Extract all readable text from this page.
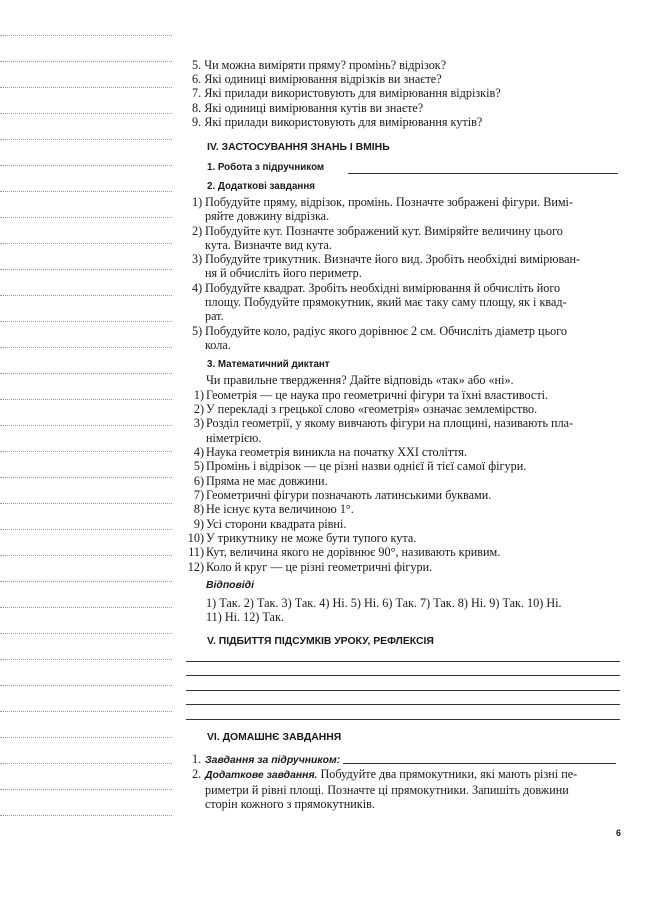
5. Чи можна виміряти пряму? промінь? відрізок?
6. Які одиниці вимірювання відрізків ви знаєте?
7. Які прилади використовують для вимірювання відрізків?
8. Які одиниці вимірювання кутів ви знаєте?
9. Які прилади використовують для вимірювання кутів?
IV. ЗАСТОСУВАННЯ ЗНАНЬ І ВМІНЬ
1. Робота з підручником
2. Додаткові завдання
1) Побудуйте пряму, відрізок, промінь. Позначте зображені фігури. Вимі-
ряйте довжину відрізка.
2) Побудуйте кут. Позначте зображений кут. Виміряйте величину цього
кута. Визначте вид кута.
3) Побудуйте трикутник. Визначте його вид. Зробіть необхідні вимірюван-
ня й обчисліть його периметр.
4) Побудуйте квадрат. Зробіть необхідні вимірювання й обчисліть його
площу. Побудуйте прямокутник, який має таку саму площу, як і квад-
рат.
5) Побудуйте коло, радіус якого дорівнює 2 см. Обчисліть діаметр цього
кола.
3. Математичний диктант
Чи правильне твердження? Дайте відповідь «так» або «ні».
1) Геометрія — це наука про геометричні фігури та їхні властивості.
2) У перекладі з грецької слово «геометрія» означає землемірство.
3) Розділ геометрії, у якому вивчають фігури на площині, називають пла-
німетрією.
4) Наука геометрія виникла на початку XXI століття.
5) Промінь і відрізок — це різні назви однієї й тієї самої фігури.
6) Пряма не має довжини.
7) Геометричні фігури позначають латинськими буквами.
8) Не існує кута величиною 1°.
9) Усі сторони квадрата рівні.
10) У трикутнику не може бути тупого кута.
11) Кут, величина якого не дорівнює 90°, називають кривим.
12) Коло й круг — це різні геометричні фігури.
Відповіді
1) Так. 2) Так. 3) Так. 4) Ні. 5) Ні. 6) Так. 7) Так. 8) Ні. 9) Так. 10) Ні.
11) Ні. 12) Так.
V. ПІДБИТТЯ ПІДСУМКІВ УРОКУ, РЕФЛЕКСІЯ
VI. ДОМАШНЄ ЗАВДАННЯ
1. Завдання за підручником:
2. Додаткове завдання. Побудуйте два прямокутники, які мають різні пе-
риметри й рівні площі. Позначте ці прямокутники. Запишіть довжини
сторін кожного з прямокутників.
6
